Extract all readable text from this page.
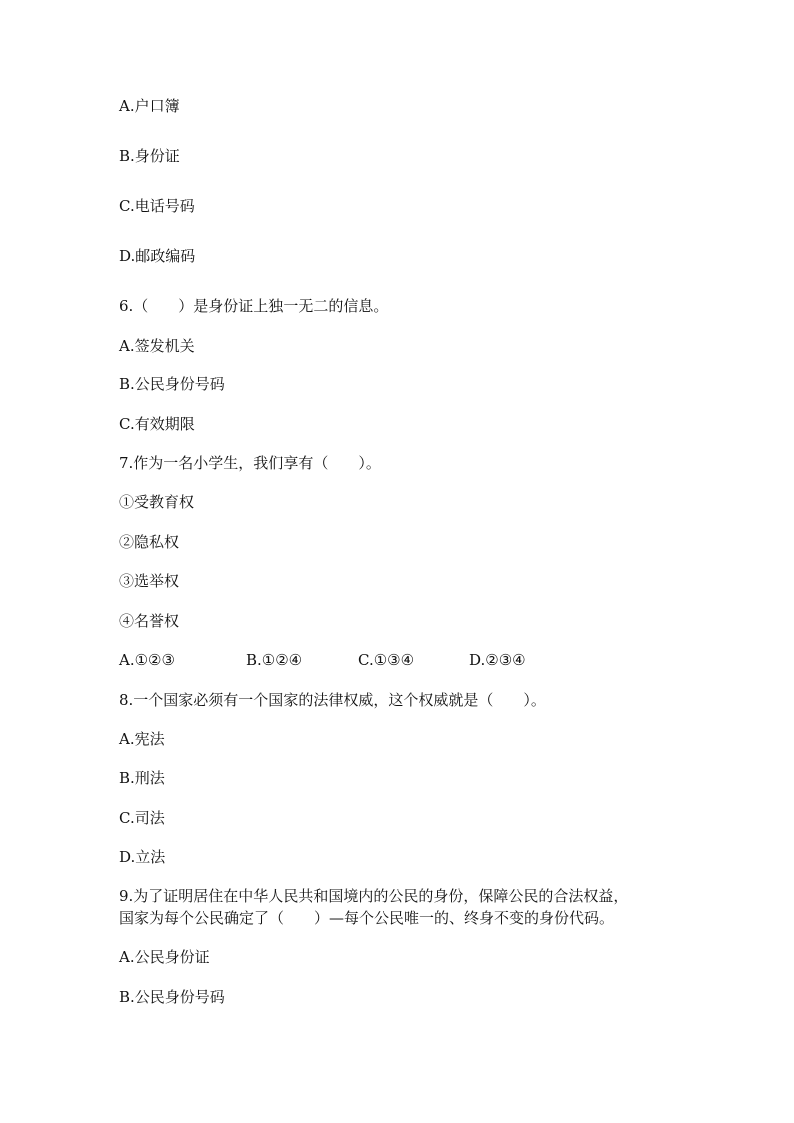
A.户口簿
B.身份证
C.电话号码
D.邮政编码
6.（　　）是身份证上独一无二的信息。
A.签发机关
B.公民身份号码
C.有效期限
7.作为一名小学生，我们享有（　　）。
①受教育权
②隐私权
③选举权
④名誉权
A.①②③	B.①②④	C.①③④	D.②③④
8.一个国家必须有一个国家的法律权威，这个权威就是（　　）。
A.宪法
B.刑法
C.司法
D.立法
9.为了证明居住在中华人民共和国境内的公民的身份，保障公民的合法权益，
国家为每个公民确定了（　　）—每个公民唯一的、终身不变的身份代码。
A.公民身份证
B.公民身份号码
